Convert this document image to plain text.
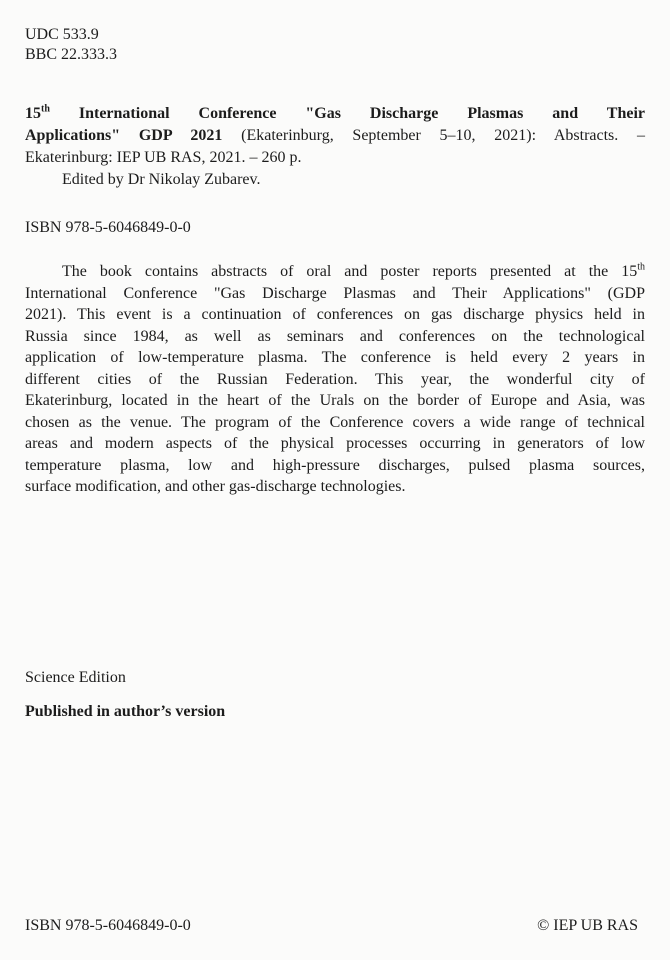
UDC 533.9
BBC 22.333.3
15th International Conference "Gas Discharge Plasmas and Their
Applications" GDP 2021 (Ekaterinburg, September 5–10, 2021): Abstracts. –
Ekaterinburg: IEP UB RAS, 2021. – 260 p.
Edited by Dr Nikolay Zubarev.
ISBN 978-5-6046849-0-0
The book contains abstracts of oral and poster reports presented at the 15th
International Conference "Gas Discharge Plasmas and Their Applications" (GDP
2021). This event is a continuation of conferences on gas discharge physics held in
Russia since 1984, as well as seminars and conferences on the technological
application of low-temperature plasma. The conference is held every 2 years in
different cities of the Russian Federation. This year, the wonderful city of
Ekaterinburg, located in the heart of the Urals on the border of Europe and Asia, was
chosen as the venue. The program of the Conference covers a wide range of technical
areas and modern aspects of the physical processes occurring in generators of low
temperature plasma, low and high-pressure discharges, pulsed plasma sources,
surface modification, and other gas-discharge technologies.
Science Edition
Published in author’s version
ISBN 978-5-6046849-0-0	© IEP UB RAS
